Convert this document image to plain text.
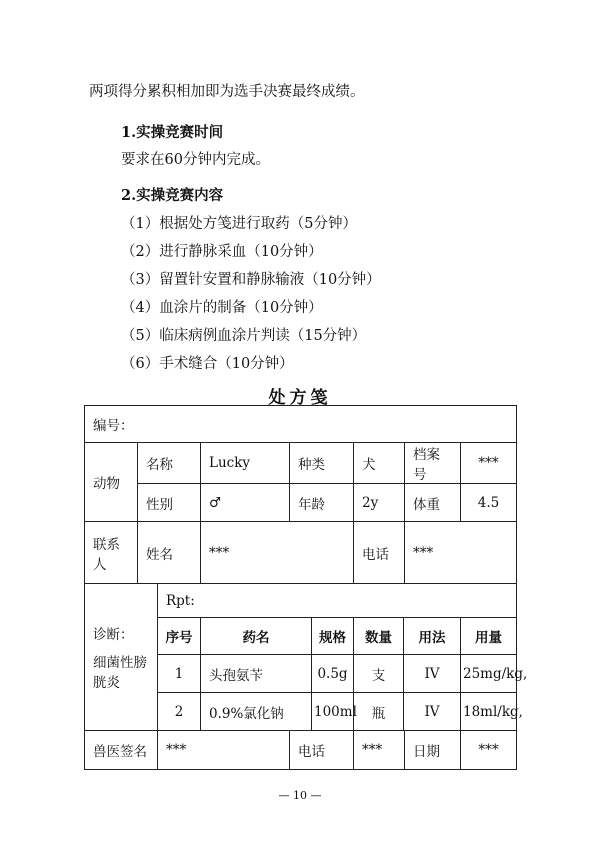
两项得分累积相加即为选手决赛最终成绩。
1.实操竞赛时间
要求在60分钟内完成。
2.实操竞赛内容
（1）根据处方笺进行取药（5分钟）
（2）进行静脉采血（10分钟）
（3）留置针安置和静脉输液（10分钟）
（4）血涂片的制备（10分钟）
（5）临床病例血涂片判读（15分钟）
（6）手术缝合（10分钟）
处方笺
编号：								
动物	名称		Lucky	种类		犬	档案号	***
	性别		♂	年龄		2y	体重	4.5
联系人	姓名		***			电话	***	

诊断：
细菌性膀胱炎		Rpt:						
		序号	药名		规格	数量	用法	用量
		1	头孢氨苄		0.5g	支	IV	25mg/kg,
		2	0.9%氯化钠		100ml	瓶	IV	18ml/kg,
兽医签名		***		电话		***	日期	***
— 10 —
